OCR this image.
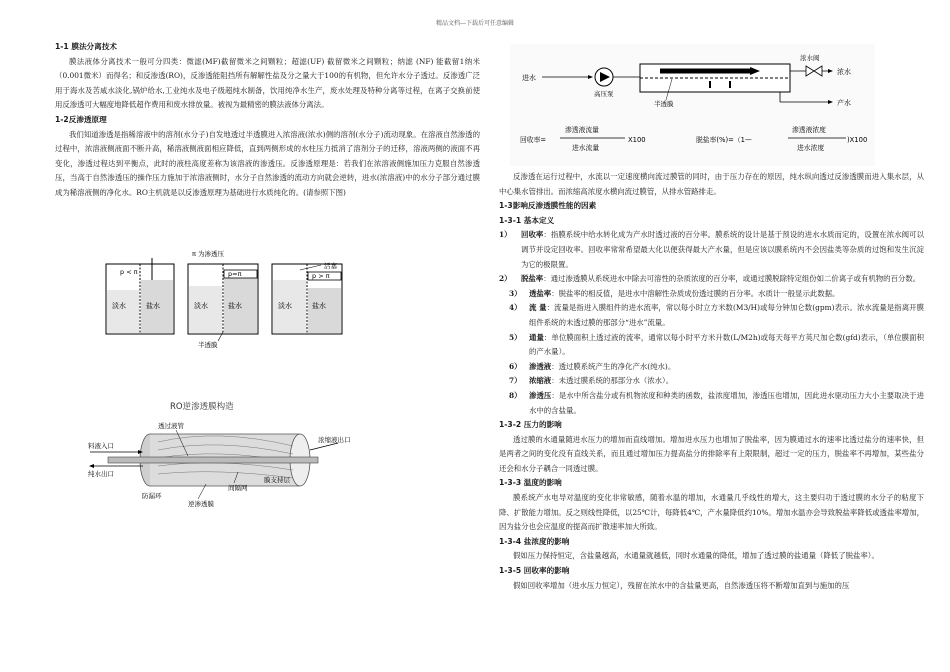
精品文档---下载后可任意编辑
1-1 膜法分离技术
膜法液体分离技术一般可分四类：微滤(MF)截留微米之间颗粒；超滤(UF) 截留微米之间颗粒；纳滤 (NF) 能截留1纳米（0.001微米）而得名；和反渗透(RO)，反渗透能阻挡所有解解性盐及分之量大于100的有机物，但允许水分子透过。反渗透广泛用于海水及苦咸水淡化,锅炉给水,工业纯水及电子级超纯水制备，饮用纯净水生产，废水处理及特种分离等过程，在离子交换前使用反渗透可大幅度地降低超作费用和废水排放量。被视为最精密的膜法液体分离法。
1-2反渗透原理
我们知道渗透是指稀溶液中的溶剂(水分子)自发地透过半透膜进入浓溶液(浓水)侧的溶剂(水分子)流动现象。在溶液自然渗透的过程中，浓溶液侧液面不断升高，稀溶液侧液面相应降低，直到两侧形成的水柱压力抵消了溶剂分子的迁移，溶液两侧的液面不再变化，渗透过程达到平衡点，此时的液柱高度差称为该溶液的渗透压。反渗透原理是：若我们在浓溶液侧施加压力克服自然渗透压，当高于自然渗透压的操作压力施加于浓溶液侧时，水分子自然渗透的流动方向就会逆转，进水(浓溶液)中的水分子部分通过膜成为稀溶液侧的净化水。RO主机就是以反渗透原理为基础进行水质纯化的。(请参照下图)
π 为渗透压
活塞
p < π
淡水	盐水
p=π
淡水	盐水
p > π
淡水	盐水
半透膜
RO逆渗透膜构造
透过液管
料液入口
纯水出口
防漏环
逆渗透膜
间隔网
膜支持层
浓缩液出口
进水
高压泵
半透膜
浓水阀
浓水
产水
回收率=
渗透液流量
进水流量
X100	脱盐率(%)=（1—
渗透液浓度
进水浓度
)X100
反渗透在运行过程中，水流以一定速度横向流过膜管的同时，由于压力存在的原因，纯水纵向透过反渗透膜而进入集水层，从中心集水管排出。而浓缩高浓度水横向流过膜管，从排水管路排走。
1-3影响反渗透膜性能的因素
1-3-1 基本定义
1） 回收率：指膜系统中给水转化成为产水时透过液的百分率。膜系统的设计是基于预设的进水水质而定的，设置在浓水阀可以调节并设定回收率。回收率常常希望最大化以便获得最大产水量，但是应该以膜系统内不会因盐类等杂质的过饱和发生沉淀为它的极限置。
2） 脱盐率：通过渗透膜从系统进水中除去可溶性的杂质浓度的百分率，或通过膜脱除特定组份如二价离子或有机物的百分数。
3） 透盐率：脱盐率的相反值，是进水中溶解性杂质成份透过膜的百分率。水质计一般显示此数据。
4） 流 量：流量是指进入膜组件的进水流率，常以每小时立方米数(M3/H)或每分钟加仑数(gpm)表示。浓水流量是指离开膜组件系统的未透过膜的那部分“进水”流量。
5） 通量：单位膜面积上透过液的流率，通常以每小时平方米升数(L/M2h)或每天每平方英尺加仑数(gfd)表示，（单位膜面积的产水量）。
6） 渗透液：透过膜系统产生的净化产水(纯水)。
7） 浓缩液：未透过膜系统的那部分水（浓水）。
8） 渗透压：是水中所含盐分或有机物浓度和种类的函数，盐浓度增加，渗透压也增加，因此进水驱动压力大小主要取决于进水中的含盐量。
1-3-2 压力的影响
透过膜的水通量随进水压力的增加而直线增加。增加进水压力也增加了脱盐率，因为膜通过水的速率比透过盐分的速率快，但是两者之间的变化没有直线关系，而且通过增加压力提高盐分的排除率有上限限制，超过一定的压力，脱盐率不再增加，某些盐分还会和水分子耦合一同透过膜。
1-3-3 温度的影响
膜系统产水电导对温度的变化非常敏感，随着水温的增加，水通量几乎线性的增大，这主要归功于透过膜的水分子的粘度下降、扩散能力增加。反之则线性降低，以25℃计，每降低4℃，产水量降低约10%。增加水温亦会导致脱盐率降低或透盐率增加，因为盐分也会应温度的提高而扩散速率加大所致。
1-3-4 盐浓度的影响
假如压力保持恒定，含盐量越高，水通量就越低，同时水通量的降低，增加了透过膜的盐通量（降低了脱盐率）。
1-3-5 回收率的影响
假如回收率增加（进水压力恒定），残留在浓水中的含盐量更高，自然渗透压将不断增加直到与施加的压
